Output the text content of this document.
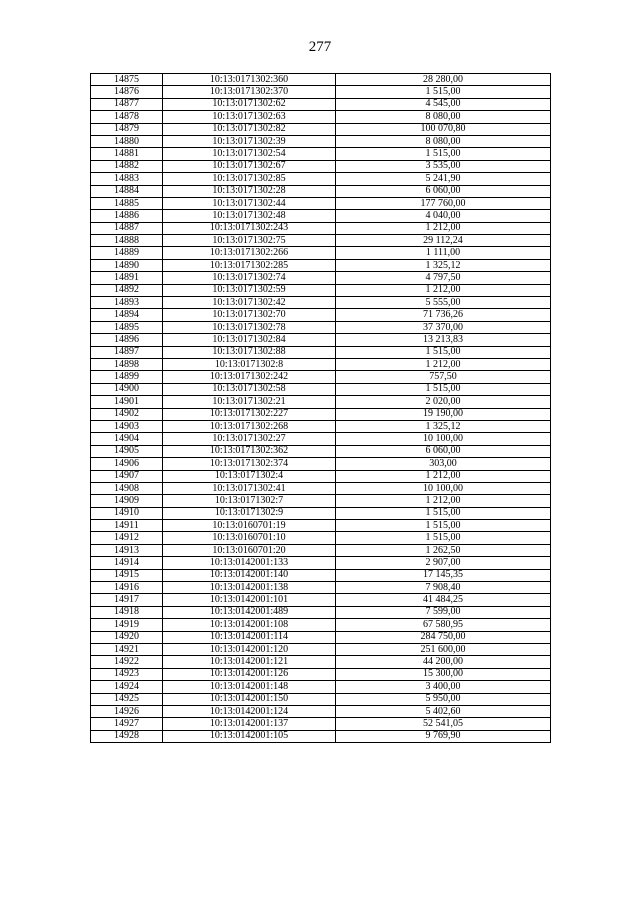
277
14875	10:13:0171302:360	28 280,00
14876	10:13:0171302:370	1 515,00
14877	10:13:0171302:62	4 545,00
14878	10:13:0171302:63	8 080,00
14879	10:13:0171302:82	100 070,80
14880	10:13:0171302:39	8 080,00
14881	10:13:0171302:54	1 515,00
14882	10:13:0171302:67	3 535,00
14883	10:13:0171302:85	5 241,90
14884	10:13:0171302:28	6 060,00
14885	10:13:0171302:44	177 760,00
14886	10:13:0171302:48	4 040,00
14887	10:13:0171302:243	1 212,00
14888	10:13:0171302:75	29 112,24
14889	10:13:0171302:266	1 111,00
14890	10:13:0171302:285	1 325,12
14891	10:13:0171302:74	4 797,50
14892	10:13:0171302:59	1 212,00
14893	10:13:0171302:42	5 555,00
14894	10:13:0171302:70	71 736,26
14895	10:13:0171302:78	37 370,00
14896	10:13:0171302:84	13 213,83
14897	10:13:0171302:88	1 515,00
14898	10:13:0171302:8	1 212,00
14899	10:13:0171302:242	757,50
14900	10:13:0171302:58	1 515,00
14901	10:13:0171302:21	2 020,00
14902	10:13:0171302:227	19 190,00
14903	10:13:0171302:268	1 325,12
14904	10:13:0171302:27	10 100,00
14905	10:13:0171302:362	6 060,00
14906	10:13:0171302:374	303,00
14907	10:13:0171302:4	1 212,00
14908	10:13:0171302:41	10 100,00
14909	10:13:0171302:7	1 212,00
14910	10:13:0171302:9	1 515,00
14911	10:13:0160701:19	1 515,00
14912	10:13:0160701:10	1 515,00
14913	10:13:0160701:20	1 262,50
14914	10:13:0142001:133	2 907,00
14915	10:13:0142001:140	17 145,35
14916	10:13:0142001:138	7 908,40
14917	10:13:0142001:101	41 484,25
14918	10:13:0142001:489	7 599,00
14919	10:13:0142001:108	67 580,95
14920	10:13:0142001:114	284 750,00
14921	10:13:0142001:120	251 600,00
14922	10:13:0142001:121	44 200,00
14923	10:13:0142001:126	15 300,00
14924	10:13:0142001:148	3 400,00
14925	10:13:0142001:150	5 950,00
14926	10:13:0142001:124	5 402,60
14927	10:13:0142001:137	52 541,05
14928	10:13:0142001:105	9 769,90
